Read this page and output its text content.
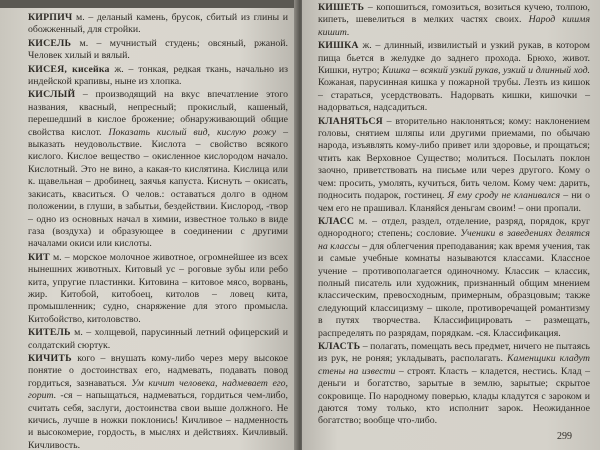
КИРПИЧ м. – деланый камень, брусок, сбитый из глины и обожженный, для стройки.

КИСЕЛЬ м. – мучнистый студень; овсяный, ржаной. Человек хилый и вялый.

КИСЕЯ, кисейка ж. – тонкая, редкая ткань, начально из индейской крапивы, ныне из хлопка.

КИСЛЫЙ – производящий на вкус впечатление этого названия, квасный, непресный; прокислый, кашеный, перешедший в кислое брожение; обнаруживающий общие свойства кислот. Показать кислый вид, кислую рожу – выказать неудовольствие. Кислота – свойство всякого кислого. Кислое вещество – окисленное кислородом начало. Кислотный. Это не вино, а какая-то кислятина. Кислица или к. щавельная – дробинец, заячья капуста. Киснуть – окисать, закисать, кваситься. О челов.: оставаться долго в одном положении, в глуши, в забытьи, бездействии. Кислород, -твор – одно из основных начал в химии, известное только в виде газа (воздуха) и образующее в соединении с другими началами окиси или кислоты.

КИТ м. – морское молочное животное, огромнейшее из всех нынешних животных. Китовый ус – роговые зубы или ребо кита, упругие пластинки. Китовина – китовое мясо, ворвань, жир. Китобой, китобоец, китолов – ловец кита, промышленник; судно, снаряжение для этого промысла. Китобойство, китоловство.

КИТЕЛЬ м. – холщевой, парусинный летний офицерский и солдатский сюртук.

КИЧИТЬ кого – внушать кому-либо через меру высокое понятие о достоинствах его, надмевать, подавать повод гордиться, зазнаваться. Ум кичит человека, надмевает его, горит. -ся – напыщаться, надмеваться, гордиться чем-либо, считать себя, заслуги, достоинства свои выше должного. Не кичись, лучше в ножки поклонись! Кичливое – надменность и высокомерие, гордость, в мыслях и действиях. Кичливый. Кичливость.

КИШЕТЬ – копошиться, гомозиться, возиться кучею, толпою, кипеть, шевелиться в мелких частях своих. Народ кишмя кишит.

КИШКА ж. – длинный, извилистый и узкий рукав, в котором пища бьется в желудке до заднего прохода. Брюхо, живот. Кишки, нутро; Кишка – всякий узкий рукав, узкий и длинный ход. Кожаная, парусинная кишка у пожарной трубы. Лезть из кишок – стараться, усердствовать. Надорвать кишки, кишочки – надорваться, надсадиться.

КЛАНЯТЬСЯ – вторительно наклоняться; кому: наклонением головы, снятием шляпы или другими приемами, по обычаю народа, изъявлять кому-либо привет или здоровье, и прощаться; чтить как Верховное Существо; молиться. Посылать поклон заочно, приветствовать на письме или через другого. Кому о чем: просить, умолять, кучиться, бить челом. Кому чем: дарить, подносить подарок, гостинец. Я ему сроду не кланивался – ни о чем его не прашивал. Кланяйся деньгам своим! – они пропали.

КЛАСС м. – отдел, раздел, отделение, разряд, порядок, круг однородного; степень; сословие. Ученики в заведениях делятся на классы – для облегчения преподавания; как время учения, так и самые учебные комнаты называются классами. Классное учение – противополагается одиночному. Классик – классик, полный писатель или художник, признанный общим мнением классическим, превосходным, примерным, образцовым; также следующий классицизму – школе, противоречащей романтизму в путях творчества. Классифицировать – размещать, распределять по разрядам, порядкам. -ся. Классификация.

КЛАСТЬ – полагать, помещать весь предмет, ничего не пытаясь из рук, не роняя; укладывать, располагать. Каменщики кладут стены на извести – строят. Класть – кладется, нестись. Клад – деньги и богатство, зарытые в землю, зарытые; скрытое сокровище. По народному поверью, клады кладутся с зароком и даются тому только, кто исполнит зарок. Неожиданное богатство; вообще что-либо.

299
